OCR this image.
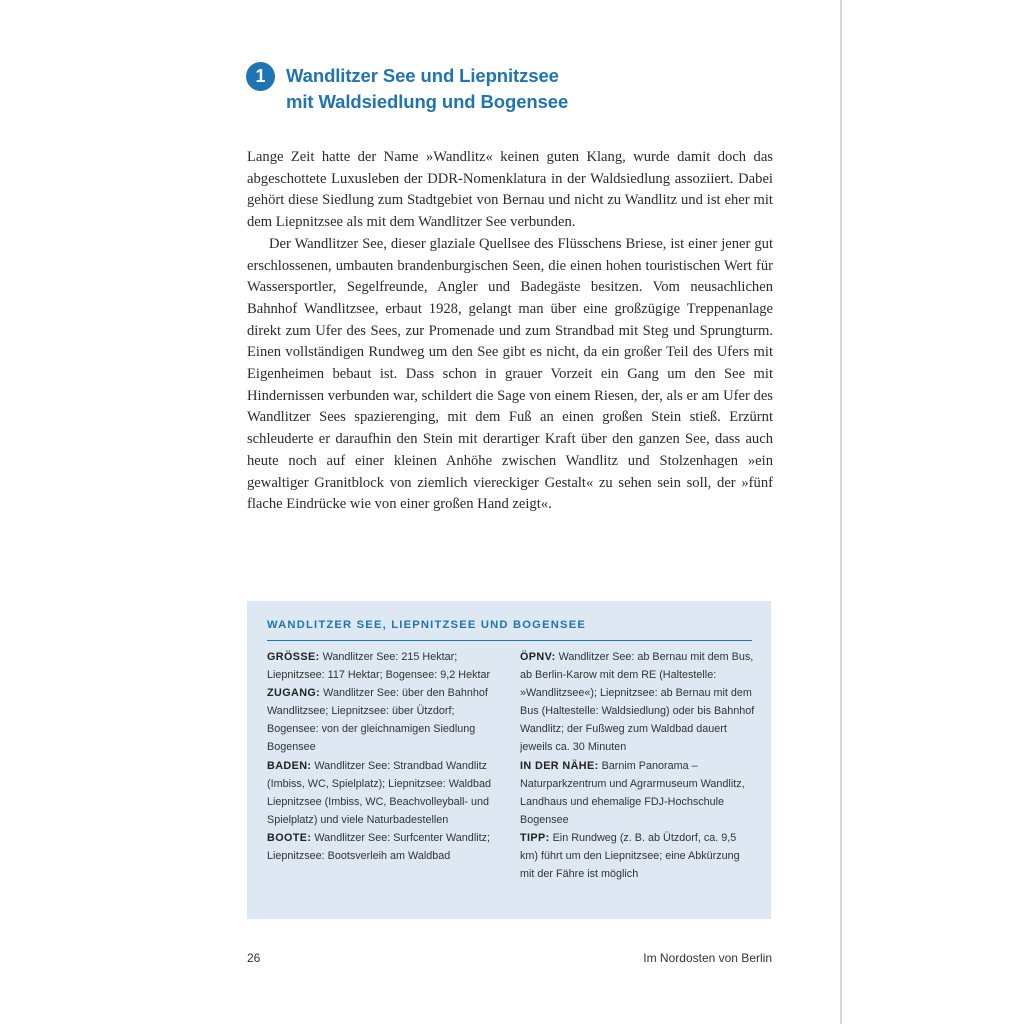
1	Wandlitzer See und Liepnitzsee
mit Waldsiedlung und Bogensee

Lange Zeit hatte der Name »Wandlitz« keinen guten Klang, wurde damit doch das abgeschottete Luxusleben der DDR-Nomenklatura in der Waldsiedlung assoziiert. Dabei gehört diese Siedlung zum Stadtgebiet von Bernau und nicht zu Wandlitz und ist eher mit dem Liepnitzsee als mit dem Wandlitzer See verbunden.

Der Wandlitzer See, dieser glaziale Quellsee des Flüsschens Briese, ist einer jener gut erschlossenen, umbauten brandenburgischen Seen, die einen hohen touristischen Wert für Wassersportler, Segelfreunde, Angler und Badegäste besitzen. Vom neusachlichen Bahnhof Wandlitzsee, erbaut 1928, gelangt man über eine großzügige Treppenanlage direkt zum Ufer des Sees, zur Promenade und zum Strandbad mit Steg und Sprungturm. Einen vollständigen Rundweg um den See gibt es nicht, da ein großer Teil des Ufers mit Eigenheimen bebaut ist. Dass schon in grauer Vorzeit ein Gang um den See mit Hindernissen verbunden war, schildert die Sage von einem Riesen, der, als er am Ufer des Wandlitzer Sees spazierenging, mit dem Fuß an einen großen Stein stieß. Erzürnt schleuderte er daraufhin den Stein mit derartiger Kraft über den ganzen See, dass auch heute noch auf einer kleinen Anhöhe zwischen Wandlitz und Stolzenhagen »ein gewaltiger Granitblock von ziemlich viereckiger Gestalt« zu sehen sein soll, der »fünf flache Eindrücke wie von einer großen Hand zeigt«.

WANDLITZER SEE, LIEPNITZSEE UND BOGENSEE

GRÖSSE: Wandlitzer See: 215 Hektar; Liepnitzsee: 117 Hektar; Bogensee: 9,2 Hektar

ZUGANG: Wandlitzer See: über den Bahnhof Wandlitzsee; Liepnitzsee: über Ützdorf; Bogensee: von der gleichnamigen Siedlung Bogensee

BADEN: Wandlitzer See: Strandbad Wandlitz (Imbiss, WC, Spielplatz); Liepnitzsee: Waldbad Liepnitzsee (Imbiss, WC, Beachvolleyball- und Spielplatz) und viele Naturbadestellen

BOOTE: Wandlitzer See: Surfcenter Wandlitz; Liepnitzsee: Bootsverleih am Waldbad

ÖPNV: Wandlitzer See: ab Bernau mit dem Bus, ab Berlin-Karow mit dem RE (Haltestelle: »Wandlitzsee«); Liepnitzsee: ab Bernau mit dem Bus (Haltestelle: Waldsiedlung) oder bis Bahnhof Wandlitz; der Fußweg zum Waldbad dauert jeweils ca. 30 Minuten

IN DER NÄHE: Barnim Panorama – Naturparkzentrum und Agrarmuseum Wandlitz, Landhaus und ehemalige FDJ-Hochschule Bogensee

TIPP: Ein Rundweg (z. B. ab Ützdorf, ca. 9,5 km) führt um den Liepnitzsee; eine Abkürzung mit der Fähre ist möglich

26	Im Nordosten von Berlin
